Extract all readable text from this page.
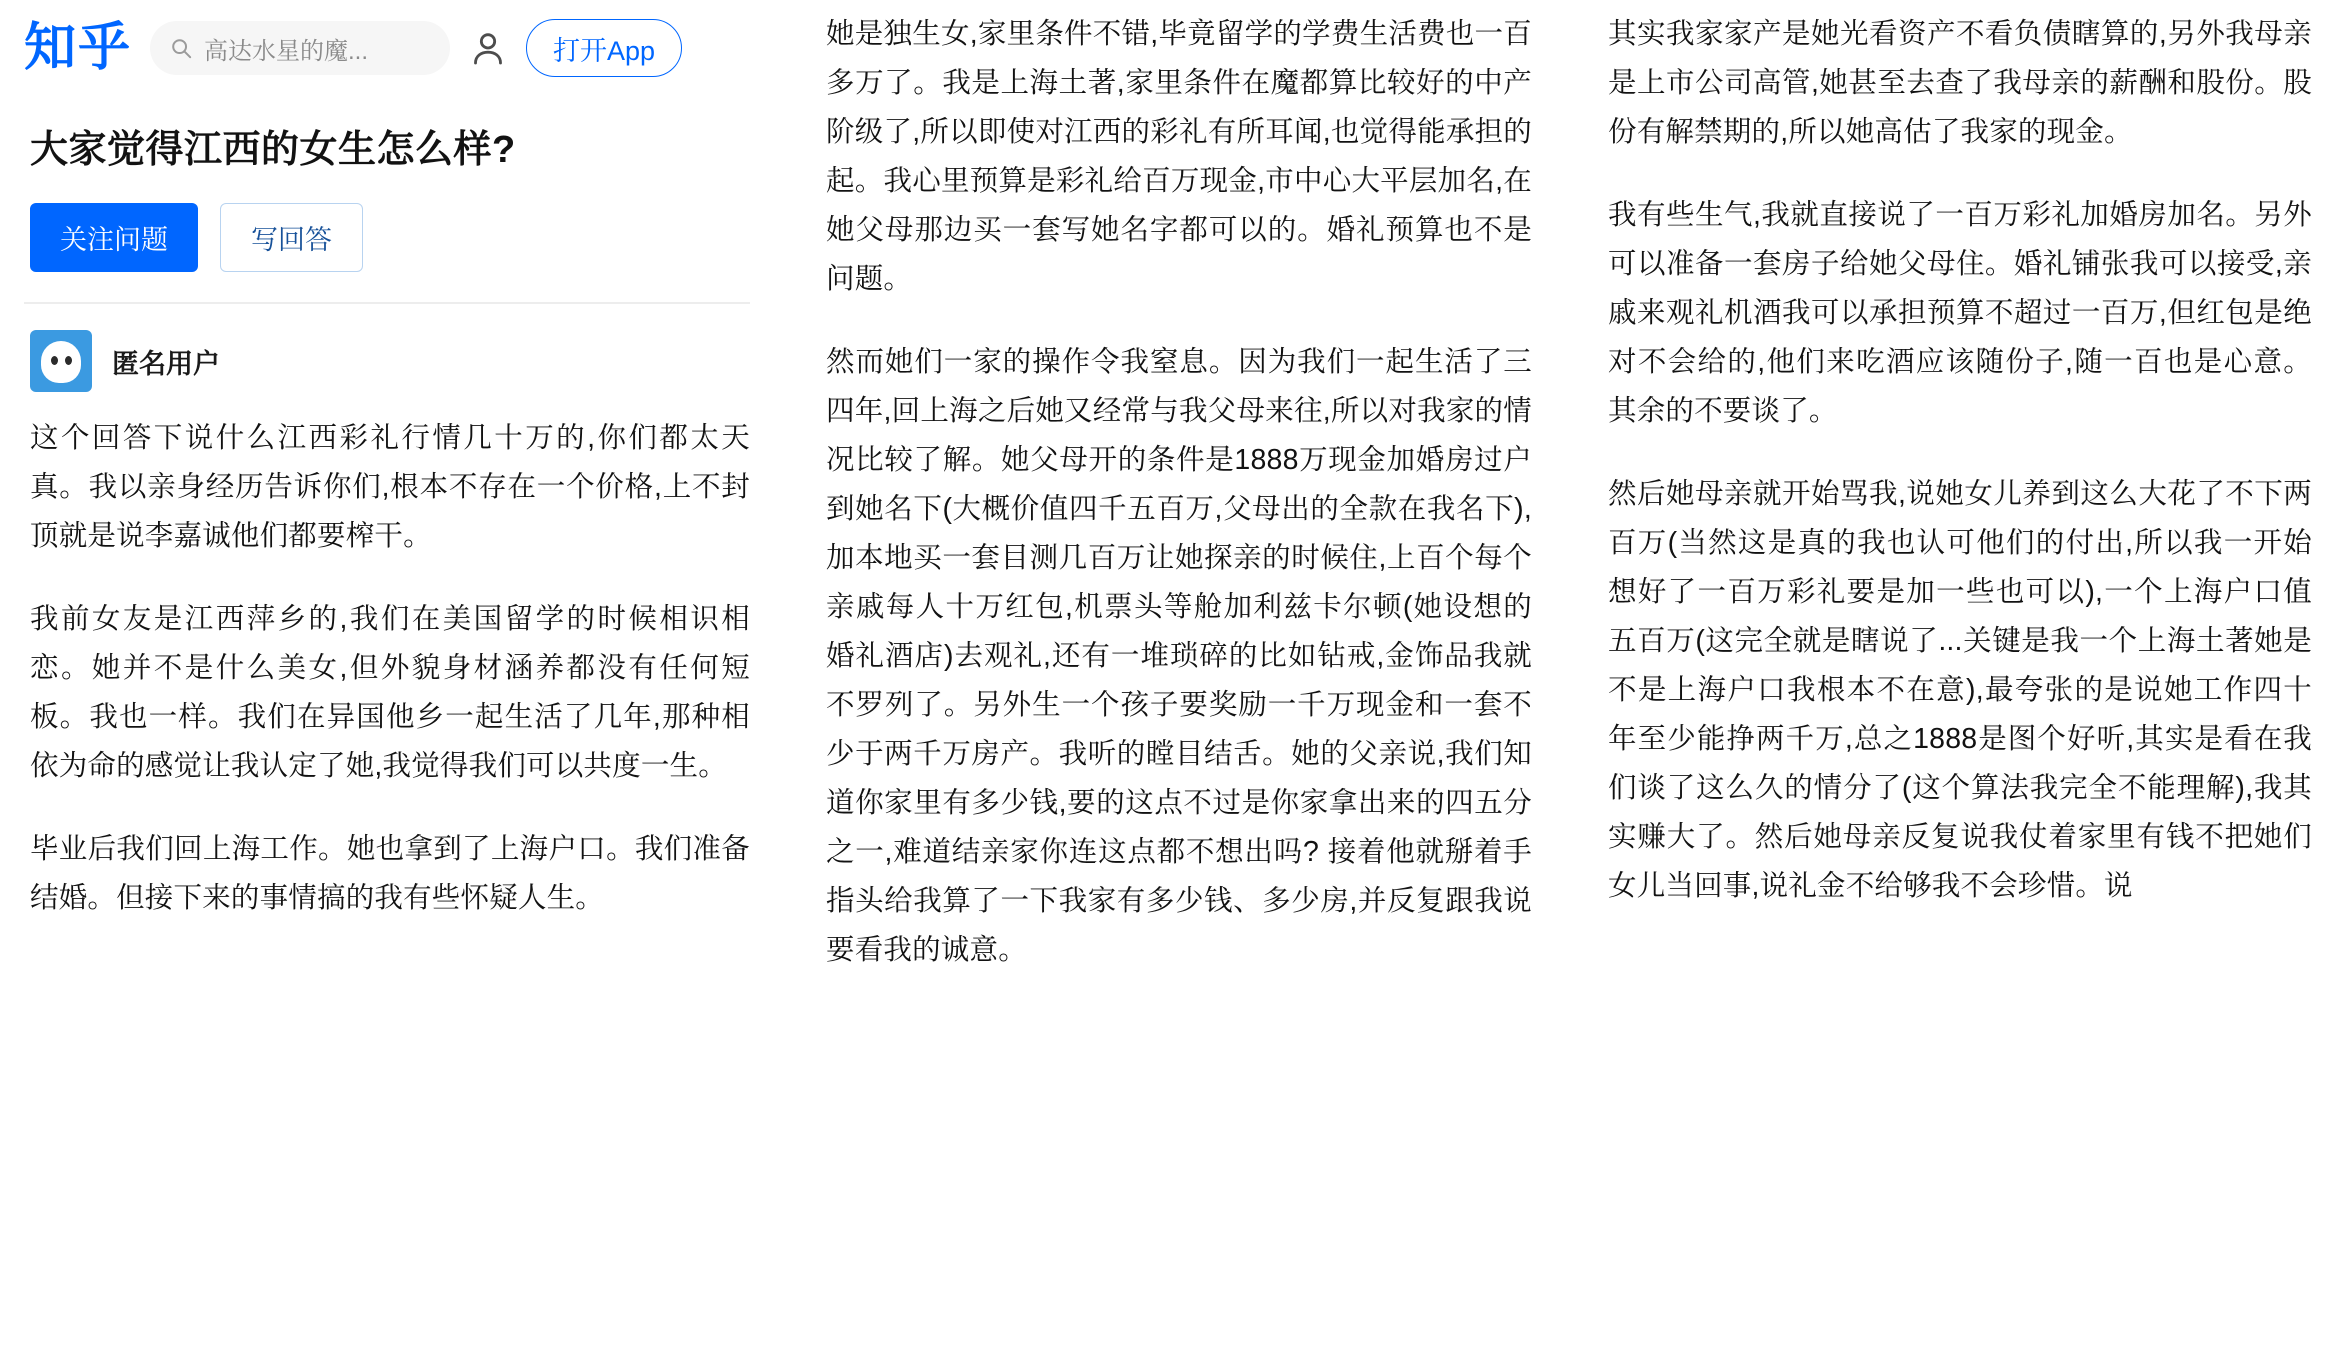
知乎	高达水星的魔...	打开App
大家觉得江西的女生怎么样?
关注问题	写回答
匿名用户

这个回答下说什么江西彩礼行情几十万的,你们都太天真。我以亲身经历告诉你们,根本不存在一个价格,上不封顶就是说李嘉诚他们都要榨干。

我前女友是江西萍乡的,我们在美国留学的时候相识相恋。她并不是什么美女,但外貌身材涵养都没有任何短板。我也一样。我们在异国他乡一起生活了几年,那种相依为命的感觉让我认定了她,我觉得我们可以共度一生。

毕业后我们回上海工作。她也拿到了上海户口。我们准备结婚。但接下来的事情搞的我有些怀疑人生。

她是独生女,家里条件不错,毕竟留学的学费生活费也一百多万了。我是上海土著,家里条件在魔都算比较好的中产阶级了,所以即使对江西的彩礼有所耳闻,也觉得能承担的起。我心里预算是彩礼给百万现金,市中心大平层加名,在她父母那边买一套写她名字都可以的。婚礼预算也不是问题。

然而她们一家的操作令我窒息。因为我们一起生活了三四年,回上海之后她又经常与我父母来往,所以对我家的情况比较了解。她父母开的条件是1888万现金加婚房过户到她名下(大概价值四千五百万,父母出的全款在我名下),加本地买一套目测几百万让她探亲的时候住,上百个每个亲戚每人十万红包,机票头等舱加利兹卡尔顿(她设想的婚礼酒店)去观礼,还有一堆琐碎的比如钻戒,金饰品我就不罗列了。另外生一个孩子要奖励一千万现金和一套不少于两千万房产。我听的瞠目结舌。她的父亲说,我们知道你家里有多少钱,要的这点不过是你家拿出来的四五分之一,难道结亲家你连这点都不想出吗? 接着他就掰着手指头给我算了一下我家有多少钱、多少房,并反复跟我说要看我的诚意。

其实我家家产是她光看资产不看负债瞎算的,另外我母亲是上市公司高管,她甚至去查了我母亲的薪酬和股份。股份有解禁期的,所以她高估了我家的现金。

我有些生气,我就直接说了一百万彩礼加婚房加名。另外可以准备一套房子给她父母住。婚礼铺张我可以接受,亲戚来观礼机酒我可以承担预算不超过一百万,但红包是绝对不会给的,他们来吃酒应该随份子,随一百也是心意。其余的不要谈了。

然后她母亲就开始骂我,说她女儿养到这么大花了不下两百万(当然这是真的我也认可他们的付出,所以我一开始想好了一百万彩礼要是加一些也可以),一个上海户口值五百万(这完全就是瞎说了...关键是我一个上海土著她是不是上海户口我根本不在意),最夸张的是说她工作四十年至少能挣两千万,总之1888是图个好听,其实是看在我们谈了这么久的情分了(这个算法我完全不能理解),我其实赚大了。然后她母亲反复说我仗着家里有钱不把她们女儿当回事,说礼金不给够我不会珍惜。说
